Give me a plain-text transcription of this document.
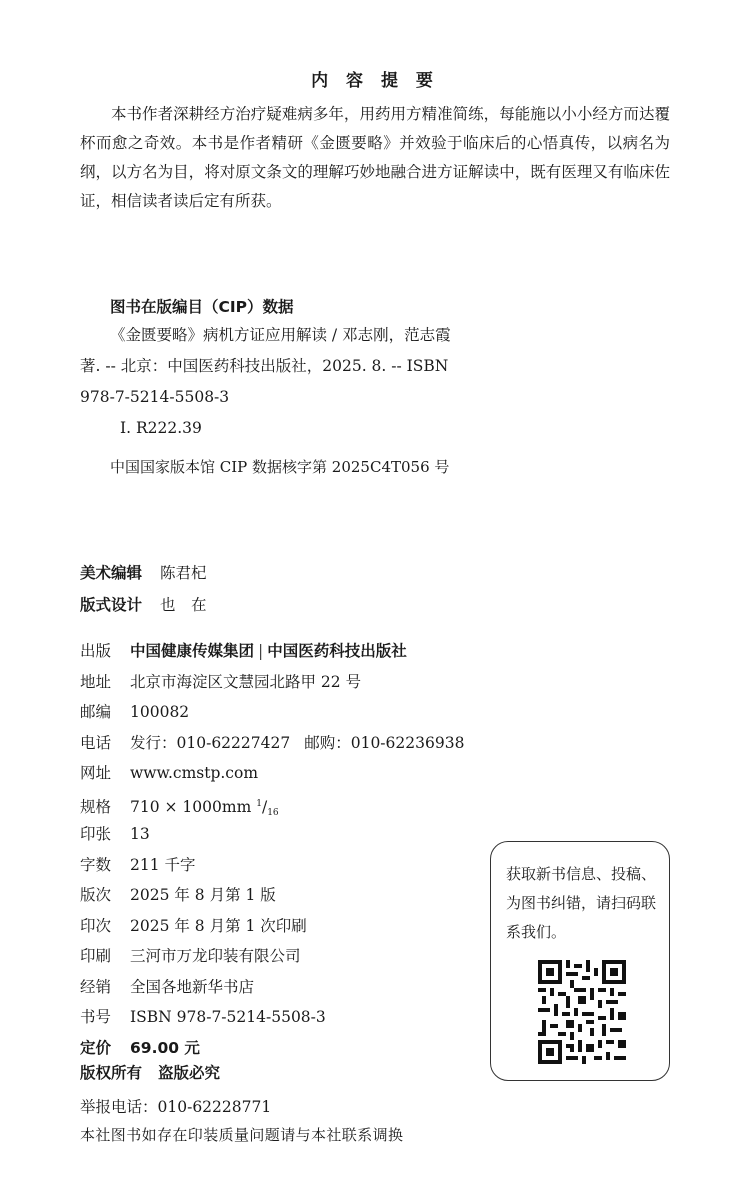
内 容 提 要

本书作者深耕经方治疗疑难病多年，用药用方精准简练，每能施以小小经方而达覆杯而愈之奇效。本书是作者精研《金匮要略》并效验于临床后的心悟真传，以病名为纲，以方名为目，将对原文条文的理解巧妙地融合进方证解读中，既有医理又有临床佐证，相信读者读后定有所获。

图书在版编目（CIP）数据
《金匮要略》病机方证应用解读 / 邓志刚，范志霞
著. -- 北京：中国医药科技出版社，2025. 8. -- ISBN
978-7-5214-5508-3
Ⅰ. R222.39
中国国家版本馆 CIP 数据核字第 2025C4T056 号
美术编辑 陈君杞
版式设计 也　在
出版 中国健康传媒集团 | 中国医药科技出版社
地址 北京市海淀区文慧园北路甲 22 号
邮编 100082
电话 发行：010-62227427 邮购：010-62236938
网址 www.cmstp.com
规格 710 × 1000mm $^1/_{16}$
印张 13
字数 211 千字
版次 2025 年 8 月第 1 版
印次 2025 年 8 月第 1 次印刷
印刷 三河市万龙印装有限公司
经销 全国各地新华书店
书号 ISBN 978-7-5214-5508-3
定价 69.00 元
版权所有 盗版必究
举报电话：010-62228771
本社图书如存在印装质量问题请与本社联系调换

获取新书信息、投稿、为图书纠错，请扫码联系我们。
